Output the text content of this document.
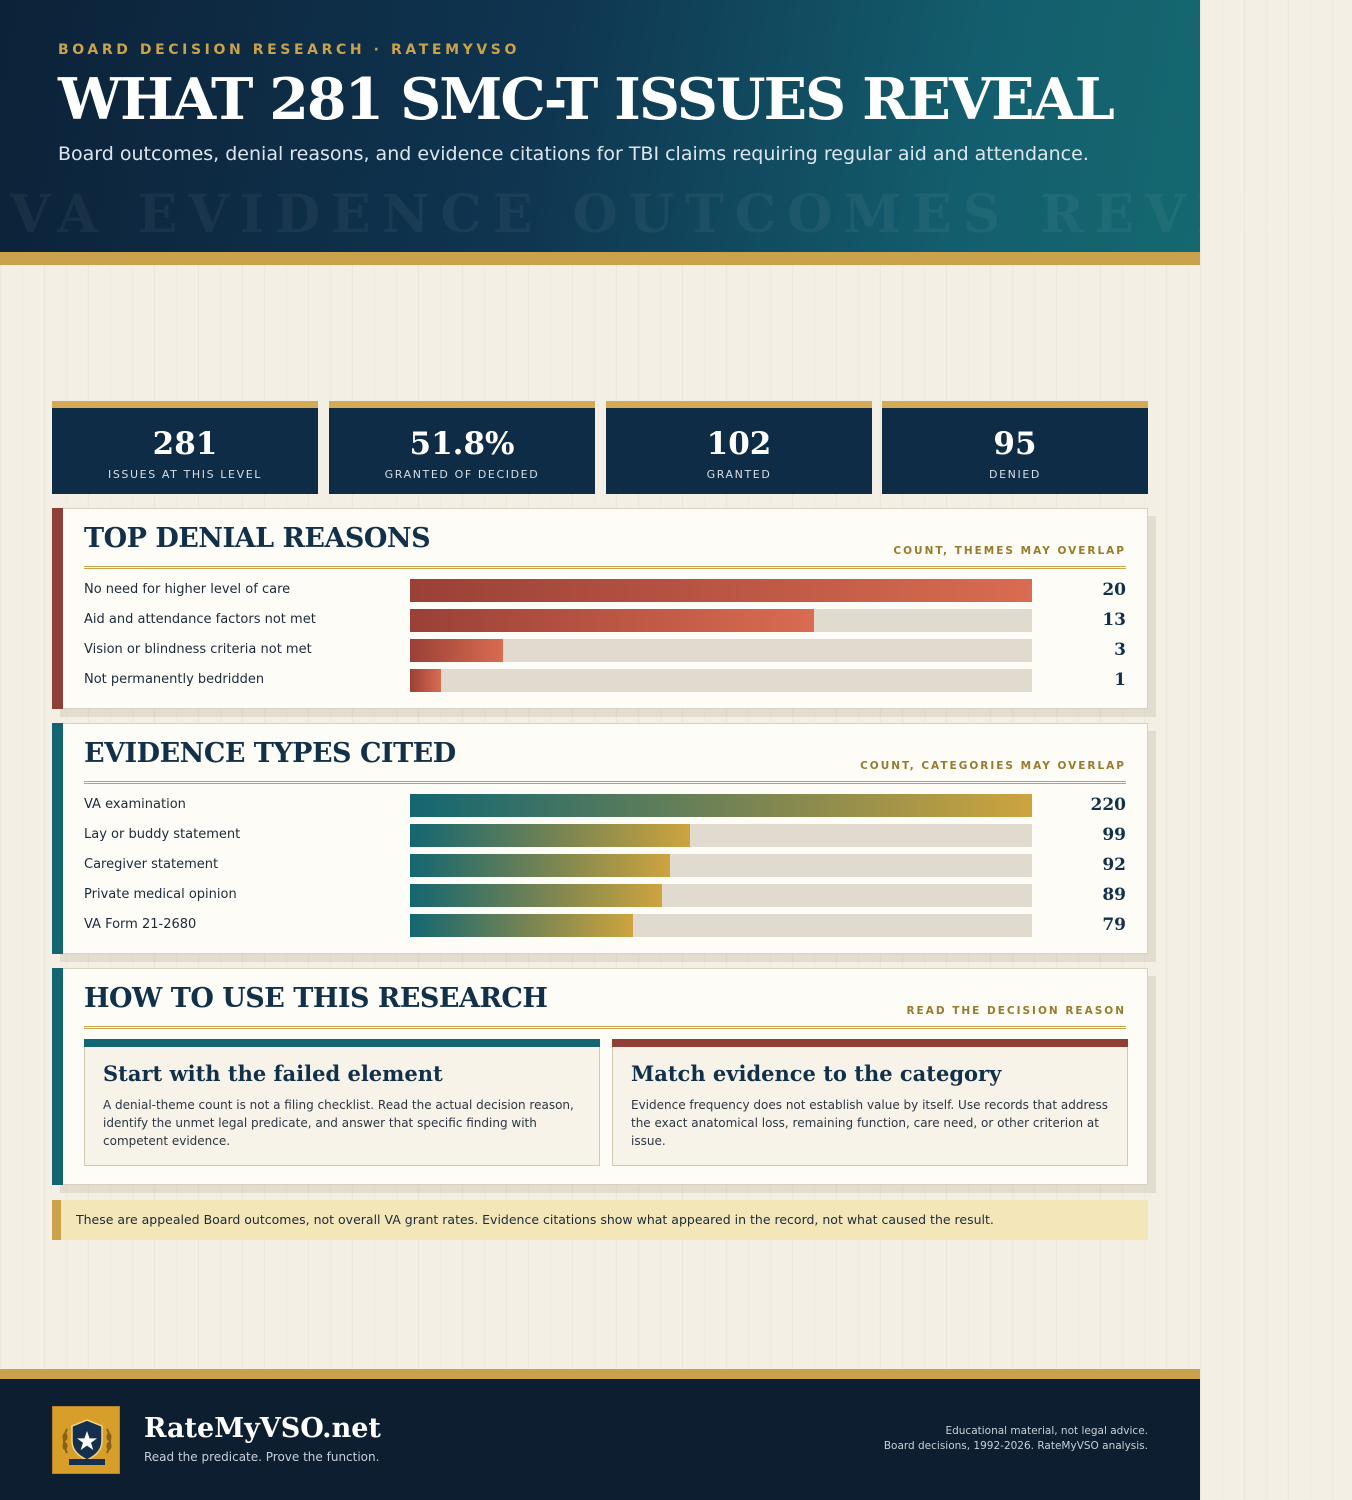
BOARD DECISION RESEARCH · RATEMYVSO
WHAT 281 SMC-T ISSUES REVEAL
Board outcomes, denial reasons, and evidence citations for TBI claims requiring regular aid and attendance.
VA EVIDENCE OUTCOMES REVIEW
281
ISSUES AT THIS LEVEL
51.8%
GRANTED OF DECIDED
102
GRANTED
95
DENIED
TOP DENIAL REASONS	COUNT, THEMES MAY OVERLAP
No need for higher level of care	20
Aid and attendance factors not met	13
Vision or blindness criteria not met	3
Not permanently bedridden	1
EVIDENCE TYPES CITED	COUNT, CATEGORIES MAY OVERLAP
VA examination	220
Lay or buddy statement	99
Caregiver statement	92
Private medical opinion	89
VA Form 21-2680	79
HOW TO USE THIS RESEARCH	READ THE DECISION REASON
Start with the failed element
A denial-theme count is not a filing checklist. Read the actual decision reason, identify the unmet legal predicate, and answer that specific finding with competent evidence.
Match evidence to the category
Evidence frequency does not establish value by itself. Use records that address the exact anatomical loss, remaining function, care need, or other criterion at issue.
These are appealed Board outcomes, not overall VA grant rates. Evidence citations show what appeared in the record, not what caused the result.
RateMyVSO.net
Read the predicate. Prove the function.
Educational material, not legal advice.
Board decisions, 1992-2026. RateMyVSO analysis.
